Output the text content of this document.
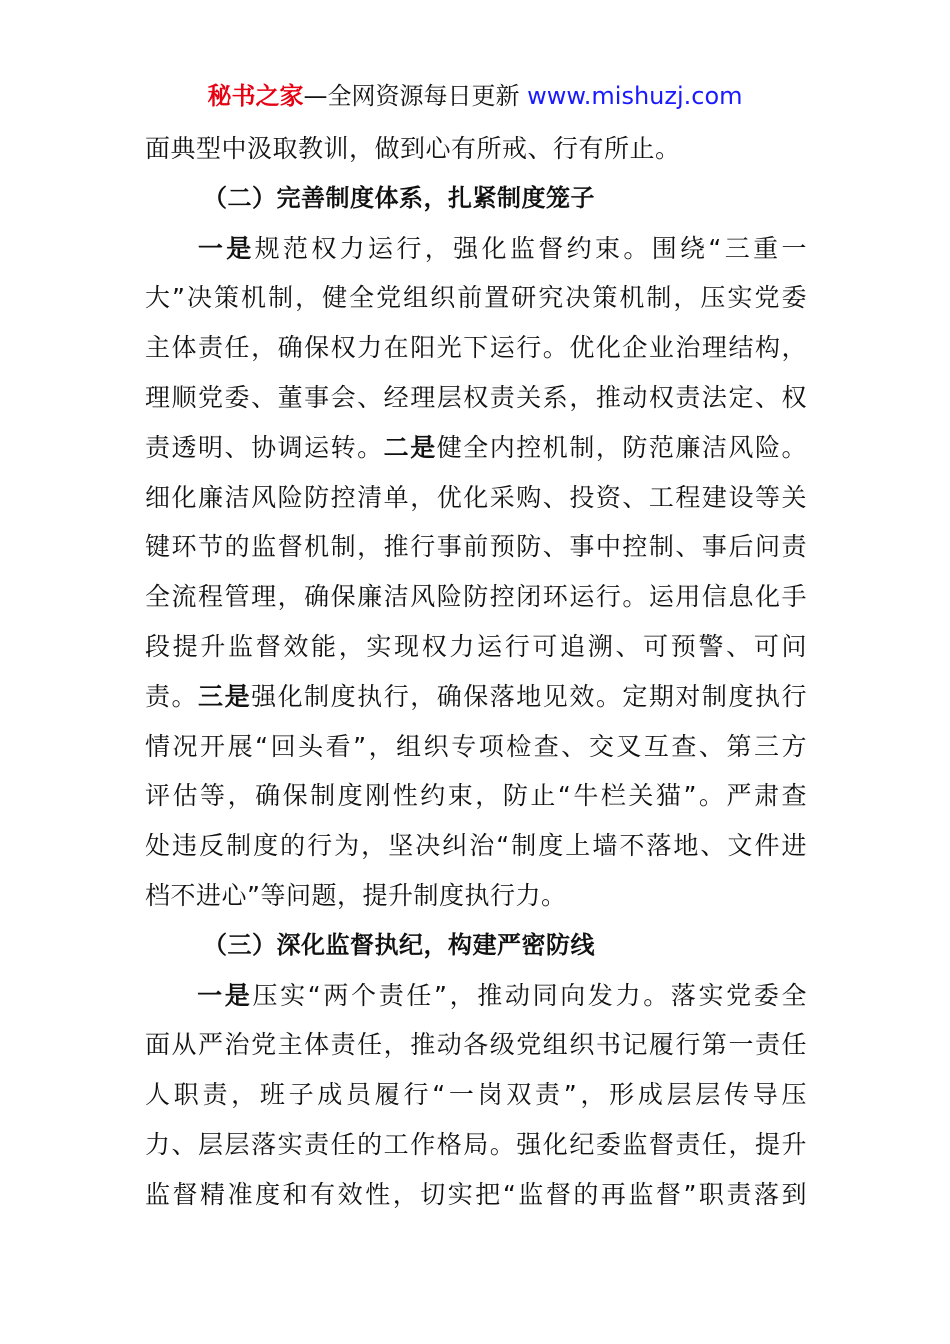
秘书之家—全网资源每日更新 www.mishuzj.com
面典型中汲取教训，做到心有所戒、行有所止。
（二）完善制度体系，扎紧制度笼子
一是规范权力运行，强化监督约束。围绕“三重一
大”决策机制，健全党组织前置研究决策机制，压实党委
主体责任，确保权力在阳光下运行。优化企业治理结构，
理顺党委、董事会、经理层权责关系，推动权责法定、权
责透明、协调运转。二是健全内控机制，防范廉洁风险。
细化廉洁风险防控清单，优化采购、投资、工程建设等关
键环节的监督机制，推行事前预防、事中控制、事后问责
全流程管理，确保廉洁风险防控闭环运行。运用信息化手
段提升监督效能，实现权力运行可追溯、可预警、可问
责。三是强化制度执行，确保落地见效。定期对制度执行
情况开展“回头看”，组织专项检查、交叉互查、第三方
评估等，确保制度刚性约束，防止“牛栏关猫”。严肃查
处违反制度的行为，坚决纠治“制度上墙不落地、文件进
档不进心”等问题，提升制度执行力。
（三）深化监督执纪，构建严密防线
一是压实“两个责任”，推动同向发力。落实党委全
面从严治党主体责任，推动各级党组织书记履行第一责任
人职责，班子成员履行“一岗双责”，形成层层传导压
力、层层落实责任的工作格局。强化纪委监督责任，提升
监督精准度和有效性，切实把“监督的再监督”职责落到
